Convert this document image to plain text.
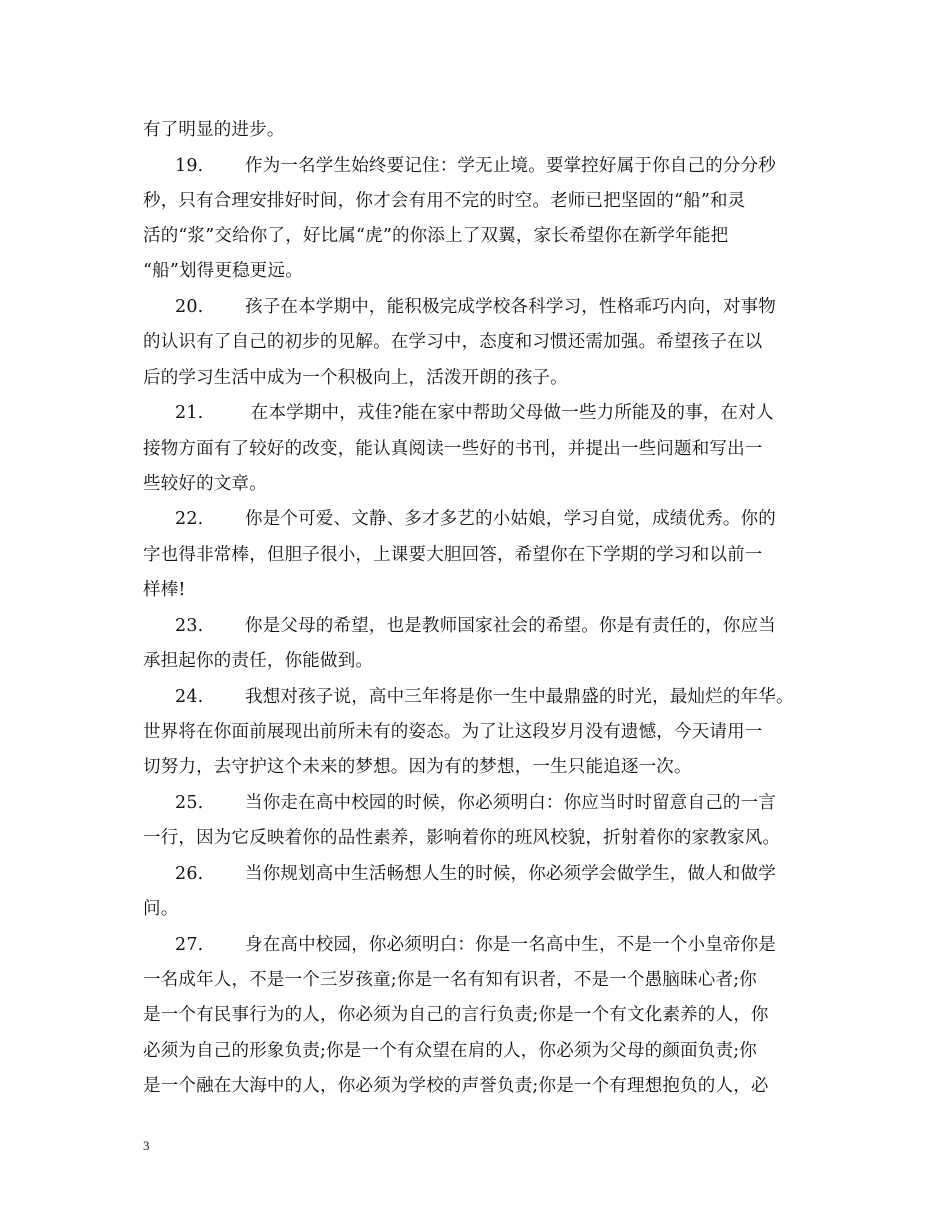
有了明显的进步。
19. 作为一名学生始终要记住：学无止境。要掌控好属于你自己的分分秒
秒，只有合理安排好时间，你才会有用不完的时空。老师已把坚固的“船”和灵
活的“浆”交给你了，好比属“虎”的你添上了双翼，家长希望你在新学年能把
“船”划得更稳更远。
20. 孩子在本学期中，能积极完成学校各科学习，性格乖巧内向，对事物
的认识有了自己的初步的见解。在学习中，态度和习惯还需加强。希望孩子在以
后的学习生活中成为一个积极向上，活泼开朗的孩子。
21. 在本学期中，戎佳?能在家中帮助父母做一些力所能及的事，在对人
接物方面有了较好的改变，能认真阅读一些好的书刊，并提出一些问题和写出一
些较好的文章。
22. 你是个可爱、文静、多才多艺的小姑娘，学习自觉，成绩优秀。你的
字也得非常棒，但胆子很小，上课要大胆回答，希望你在下学期的学习和以前一
样棒!
23. 你是父母的希望，也是教师国家社会的希望。你是有责任的，你应当
承担起你的责任，你能做到。
24. 我想对孩子说，高中三年将是你一生中最鼎盛的时光，最灿烂的年华。
世界将在你面前展现出前所未有的姿态。为了让这段岁月没有遗憾，今天请用一
切努力，去守护这个未来的梦想。因为有的梦想，一生只能追逐一次。
25. 当你走在高中校园的时候，你必须明白：你应当时时留意自己的一言
一行，因为它反映着你的品性素养，影响着你的班风校貌，折射着你的家教家风。
26. 当你规划高中生活畅想人生的时候，你必须学会做学生，做人和做学
问。
27. 身在高中校园，你必须明白：你是一名高中生，不是一个小皇帝你是
一名成年人，不是一个三岁孩童;你是一名有知有识者，不是一个愚脑昧心者;你
是一个有民事行为的人，你必须为自己的言行负责;你是一个有文化素养的人，你
必须为自己的形象负责;你是一个有众望在肩的人，你必须为父母的颜面负责;你
是一个融在大海中的人，你必须为学校的声誉负责;你是一个有理想抱负的人，必
3
